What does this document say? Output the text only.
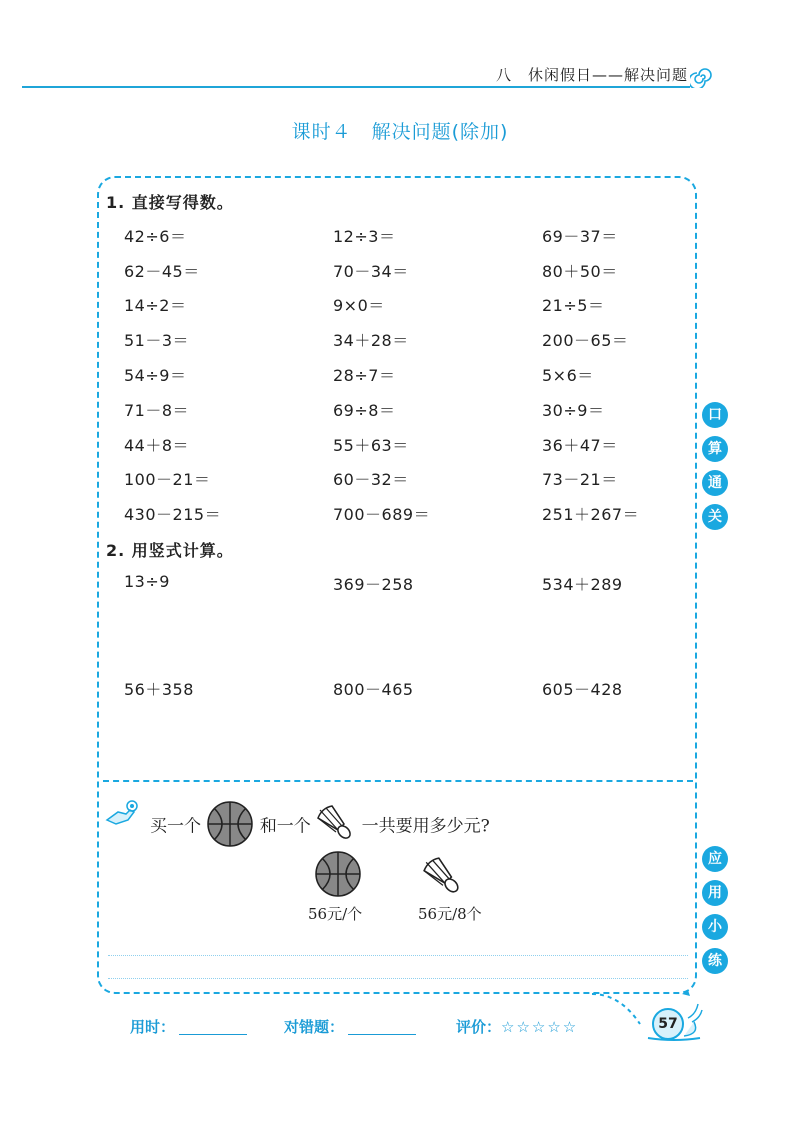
八　休闲假日——解决问题
课时４　解决问题(除加)
1. 直接写得数。
42÷6＝	12÷3＝	69－37＝
62－45＝	70－34＝	80＋50＝
14÷2＝	9×0＝	21÷5＝
51－3＝	34＋28＝	200－65＝
54÷9＝	28÷7＝	5×6＝
71－8＝	69÷8＝	30÷9＝
44＋8＝	55＋63＝	36＋47＝
100－21＝	60－32＝	73－21＝
430－215＝	700－689＝	251＋267＝
2. 用竖式计算。
13÷9	369－258	534＋289
56＋358	800－465	605－428
口
算
通
关
应
用
小
练
买一个	和一个	一共要用多少元?
56元/个	56元/8个
用时：	对错题：	评价：☆☆☆☆☆	57
